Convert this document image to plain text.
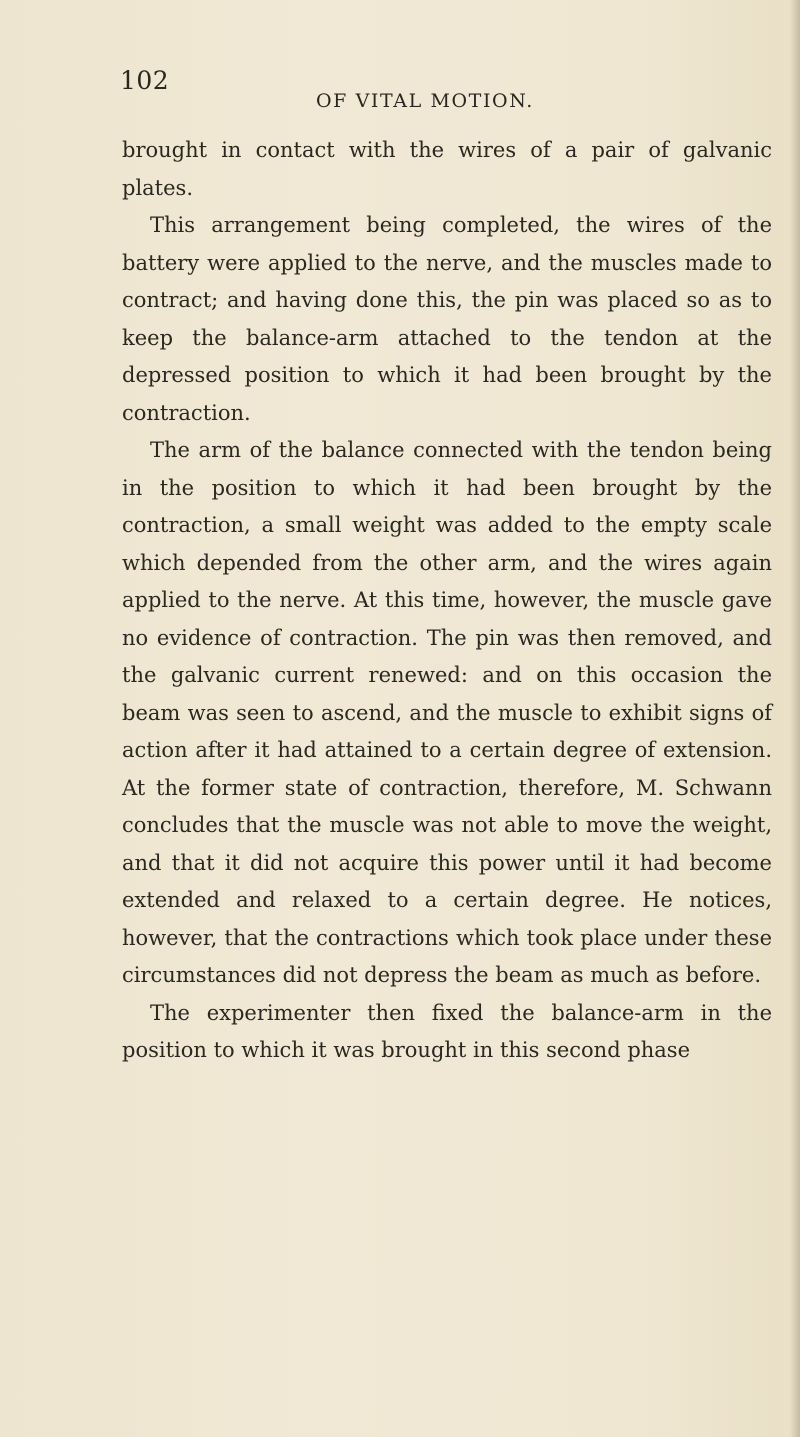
102
OF VITAL MOTION.

brought in contact with the wires of a pair of galvanic plates.

This arrangement being completed, the wires of the battery were applied to the nerve, and the muscles made to contract; and having done this, the pin was placed so as to keep the balance-arm attached to the tendon at the depressed position to which it had been brought by the contraction.

The arm of the balance connected with the tendon being in the position to which it had been brought by the contraction, a small weight was added to the empty scale which depended from the other arm, and the wires again applied to the nerve. At this time, however, the muscle gave no evidence of contraction. The pin was then removed, and the galvanic current renewed: and on this occasion the beam was seen to ascend, and the muscle to exhibit signs of action after it had attained to a certain degree of extension. At the former state of contraction, therefore, M. Schwann concludes that the muscle was not able to move the weight, and that it did not acquire this power until it had become extended and relaxed to a certain degree. He notices, however, that the contractions which took place under these circumstances did not depress the beam as much as before.

The experimenter then fixed the balance-arm in the position to which it was brought in this second phase
